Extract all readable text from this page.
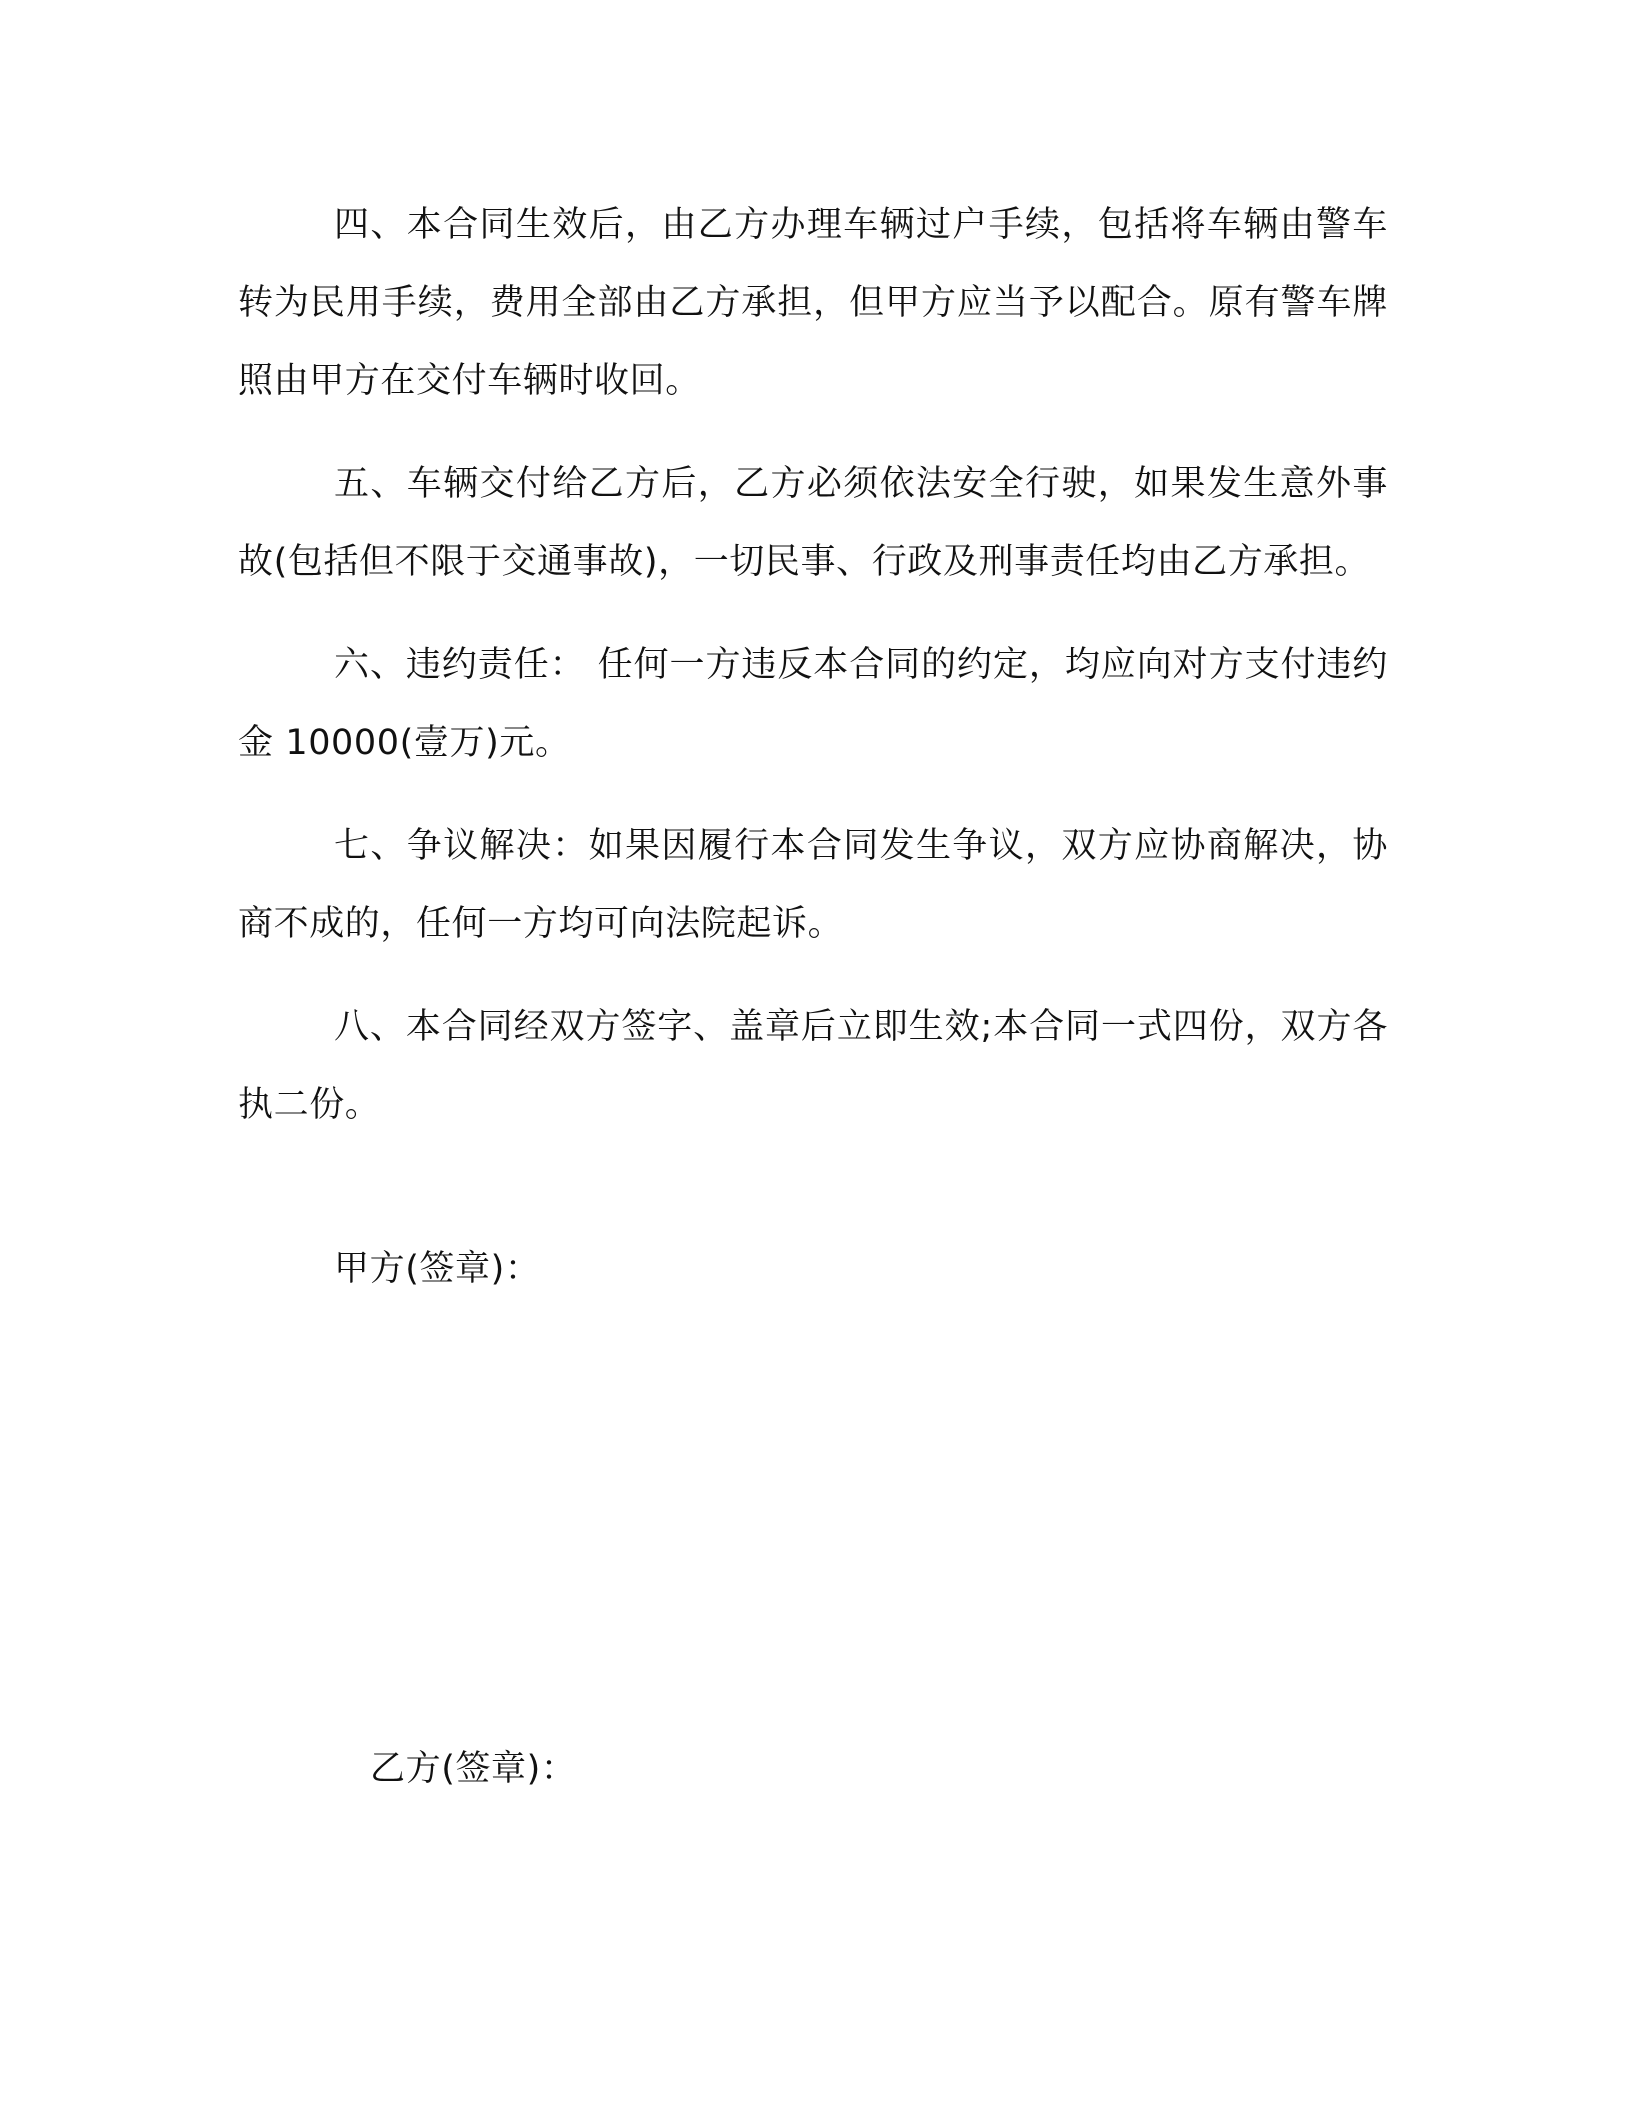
四、本合同生效后，由乙方办理车辆过户手续，包括将车辆由警车转为民用手续，费用全部由乙方承担，但甲方应当予以配合。原有警车牌照由甲方在交付车辆时收回。

五、车辆交付给乙方后，乙方必须依法安全行驶，如果发生意外事故(包括但不限于交通事故)，一切民事、行政及刑事责任均由乙方承担。

六、违约责任： 任何一方违反本合同的约定，均应向对方支付违约金 10000(壹万)元。

七、争议解决：如果因履行本合同发生争议，双方应协商解决，协商不成的，任何一方均可向法院起诉。

八、本合同经双方签字、盖章后立即生效;本合同一式四份，双方各执二份。

甲方(签章)：
乙方(签章)：
